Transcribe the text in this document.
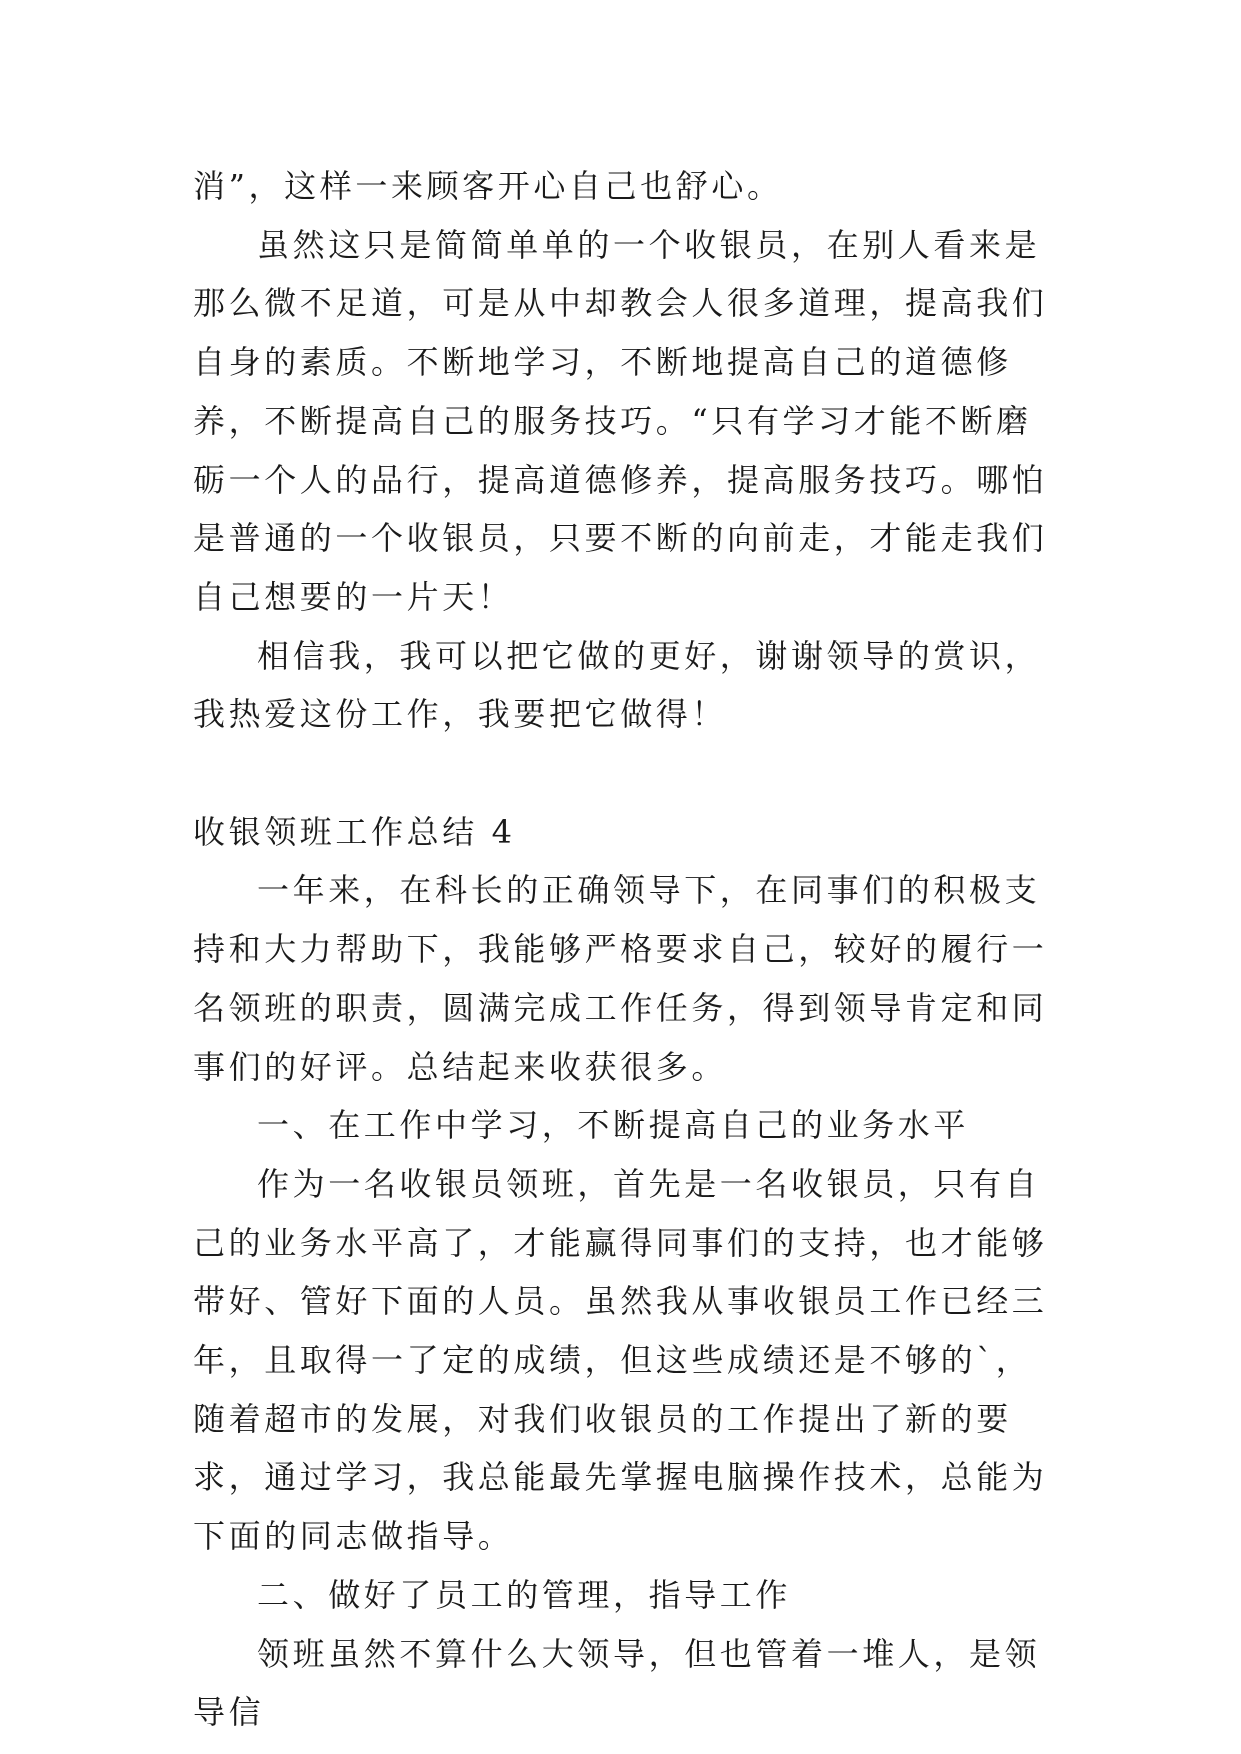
消”，这样一来顾客开心自己也舒心。

虽然这只是简简单单的一个收银员，在别人看来是那么微不足道，可是从中却教会人很多道理，提高我们自身的素质。不断地学习，不断地提高自己的道德修养，不断提高自己的服务技巧。“只有学习才能不断磨砺一个人的品行，提高道德修养，提高服务技巧。哪怕是普通的一个收银员，只要不断的向前走，才能走我们自己想要的一片天！

相信我，我可以把它做的更好，谢谢领导的赏识，我热爱这份工作，我要把它做得！

收银领班工作总结 4

一年来，在科长的正确领导下，在同事们的积极支持和大力帮助下，我能够严格要求自己，较好的履行一名领班的职责，圆满完成工作任务，得到领导肯定和同事们的好评。总结起来收获很多。

一、在工作中学习，不断提高自己的业务水平

作为一名收银员领班，首先是一名收银员，只有自己的业务水平高了，才能赢得同事们的支持，也才能够带好、管好下面的人员。虽然我从事收银员工作已经三年，且取得一了定的成绩，但这些成绩还是不够的`，随着超市的发展，对我们收银员的工作提出了新的要求，通过学习，我总能最先掌握电脑操作技术，总能为下面的同志做指导。

二、做好了员工的管理，指导工作

领班虽然不算什么大领导，但也管着一堆人，是领导信
